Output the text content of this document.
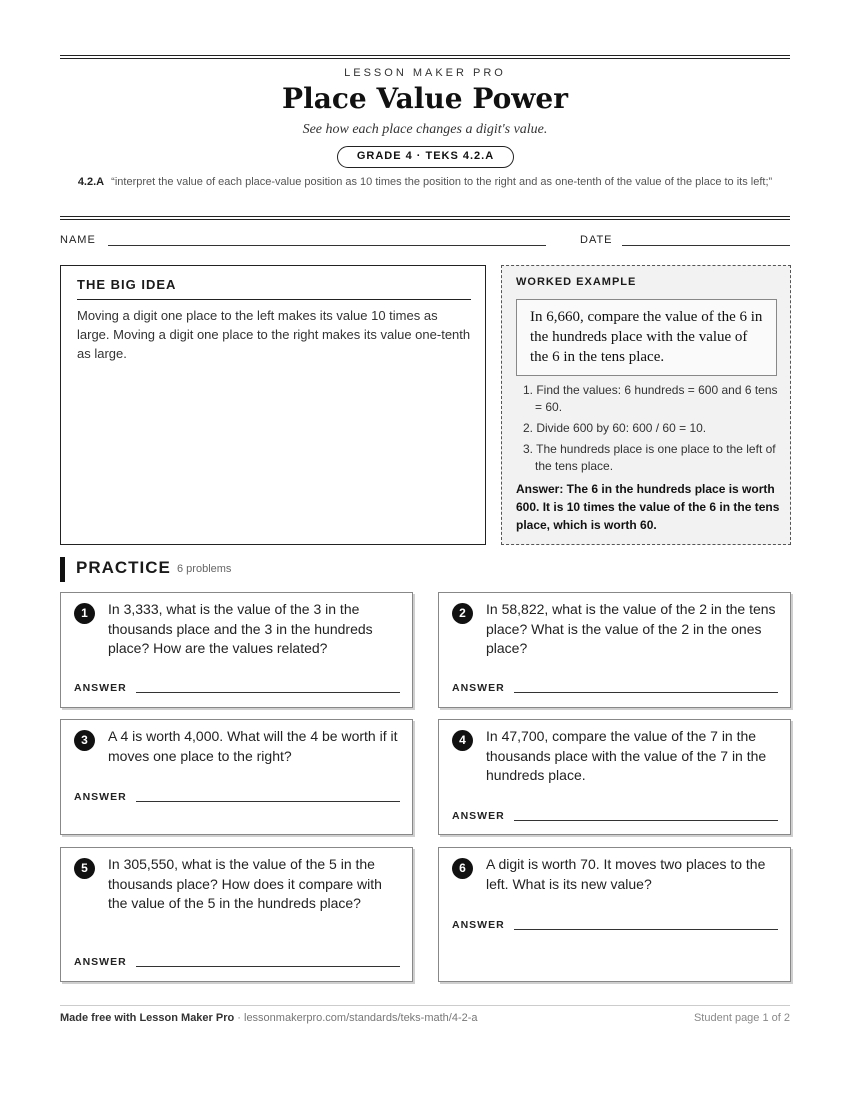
LESSON MAKER PRO
Place Value Power
See how each place changes a digit's value.
GRADE 4 · TEKS 4.2.A
4.2.A “interpret the value of each place-value position as 10 times the position to the right and as one-tenth of the value of the place to its left;”
NAME	DATE
THE BIG IDEA
Moving a digit one place to the left makes its value 10 times as large. Moving a digit one place to the right makes its value one-tenth as large.
WORKED EXAMPLE
In 6,660, compare the value of the 6 in the hundreds place with the value of the 6 in the tens place.
1. Find the values: 6 hundreds = 600 and 6 tens = 60.
2. Divide 600 by 60: 600 / 60 = 10.
3. The hundreds place is one place to the left of the tens place.
Answer: The 6 in the hundreds place is worth 600. It is 10 times the value of the 6 in the tens place, which is worth 60.
PRACTICE 6 problems
1	In 3,333, what is the value of the 3 in the thousands place and the 3 in the hundreds place? How are the values related?
ANSWER
2	In 58,822, what is the value of the 2 in the tens place? What is the value of the 2 in the ones place?
ANSWER
3	A 4 is worth 4,000. What will the 4 be worth if it moves one place to the right?
ANSWER
4	In 47,700, compare the value of the 7 in the thousands place with the value of the 7 in the hundreds place.
ANSWER
5	In 305,550, what is the value of the 5 in the thousands place? How does it compare with the value of the 5 in the hundreds place?
ANSWER
6	A digit is worth 70. It moves two places to the left. What is its new value?
ANSWER
Made free with Lesson Maker Pro · lessonmakerpro.com/standards/teks-math/4-2-a	Student page 1 of 2
